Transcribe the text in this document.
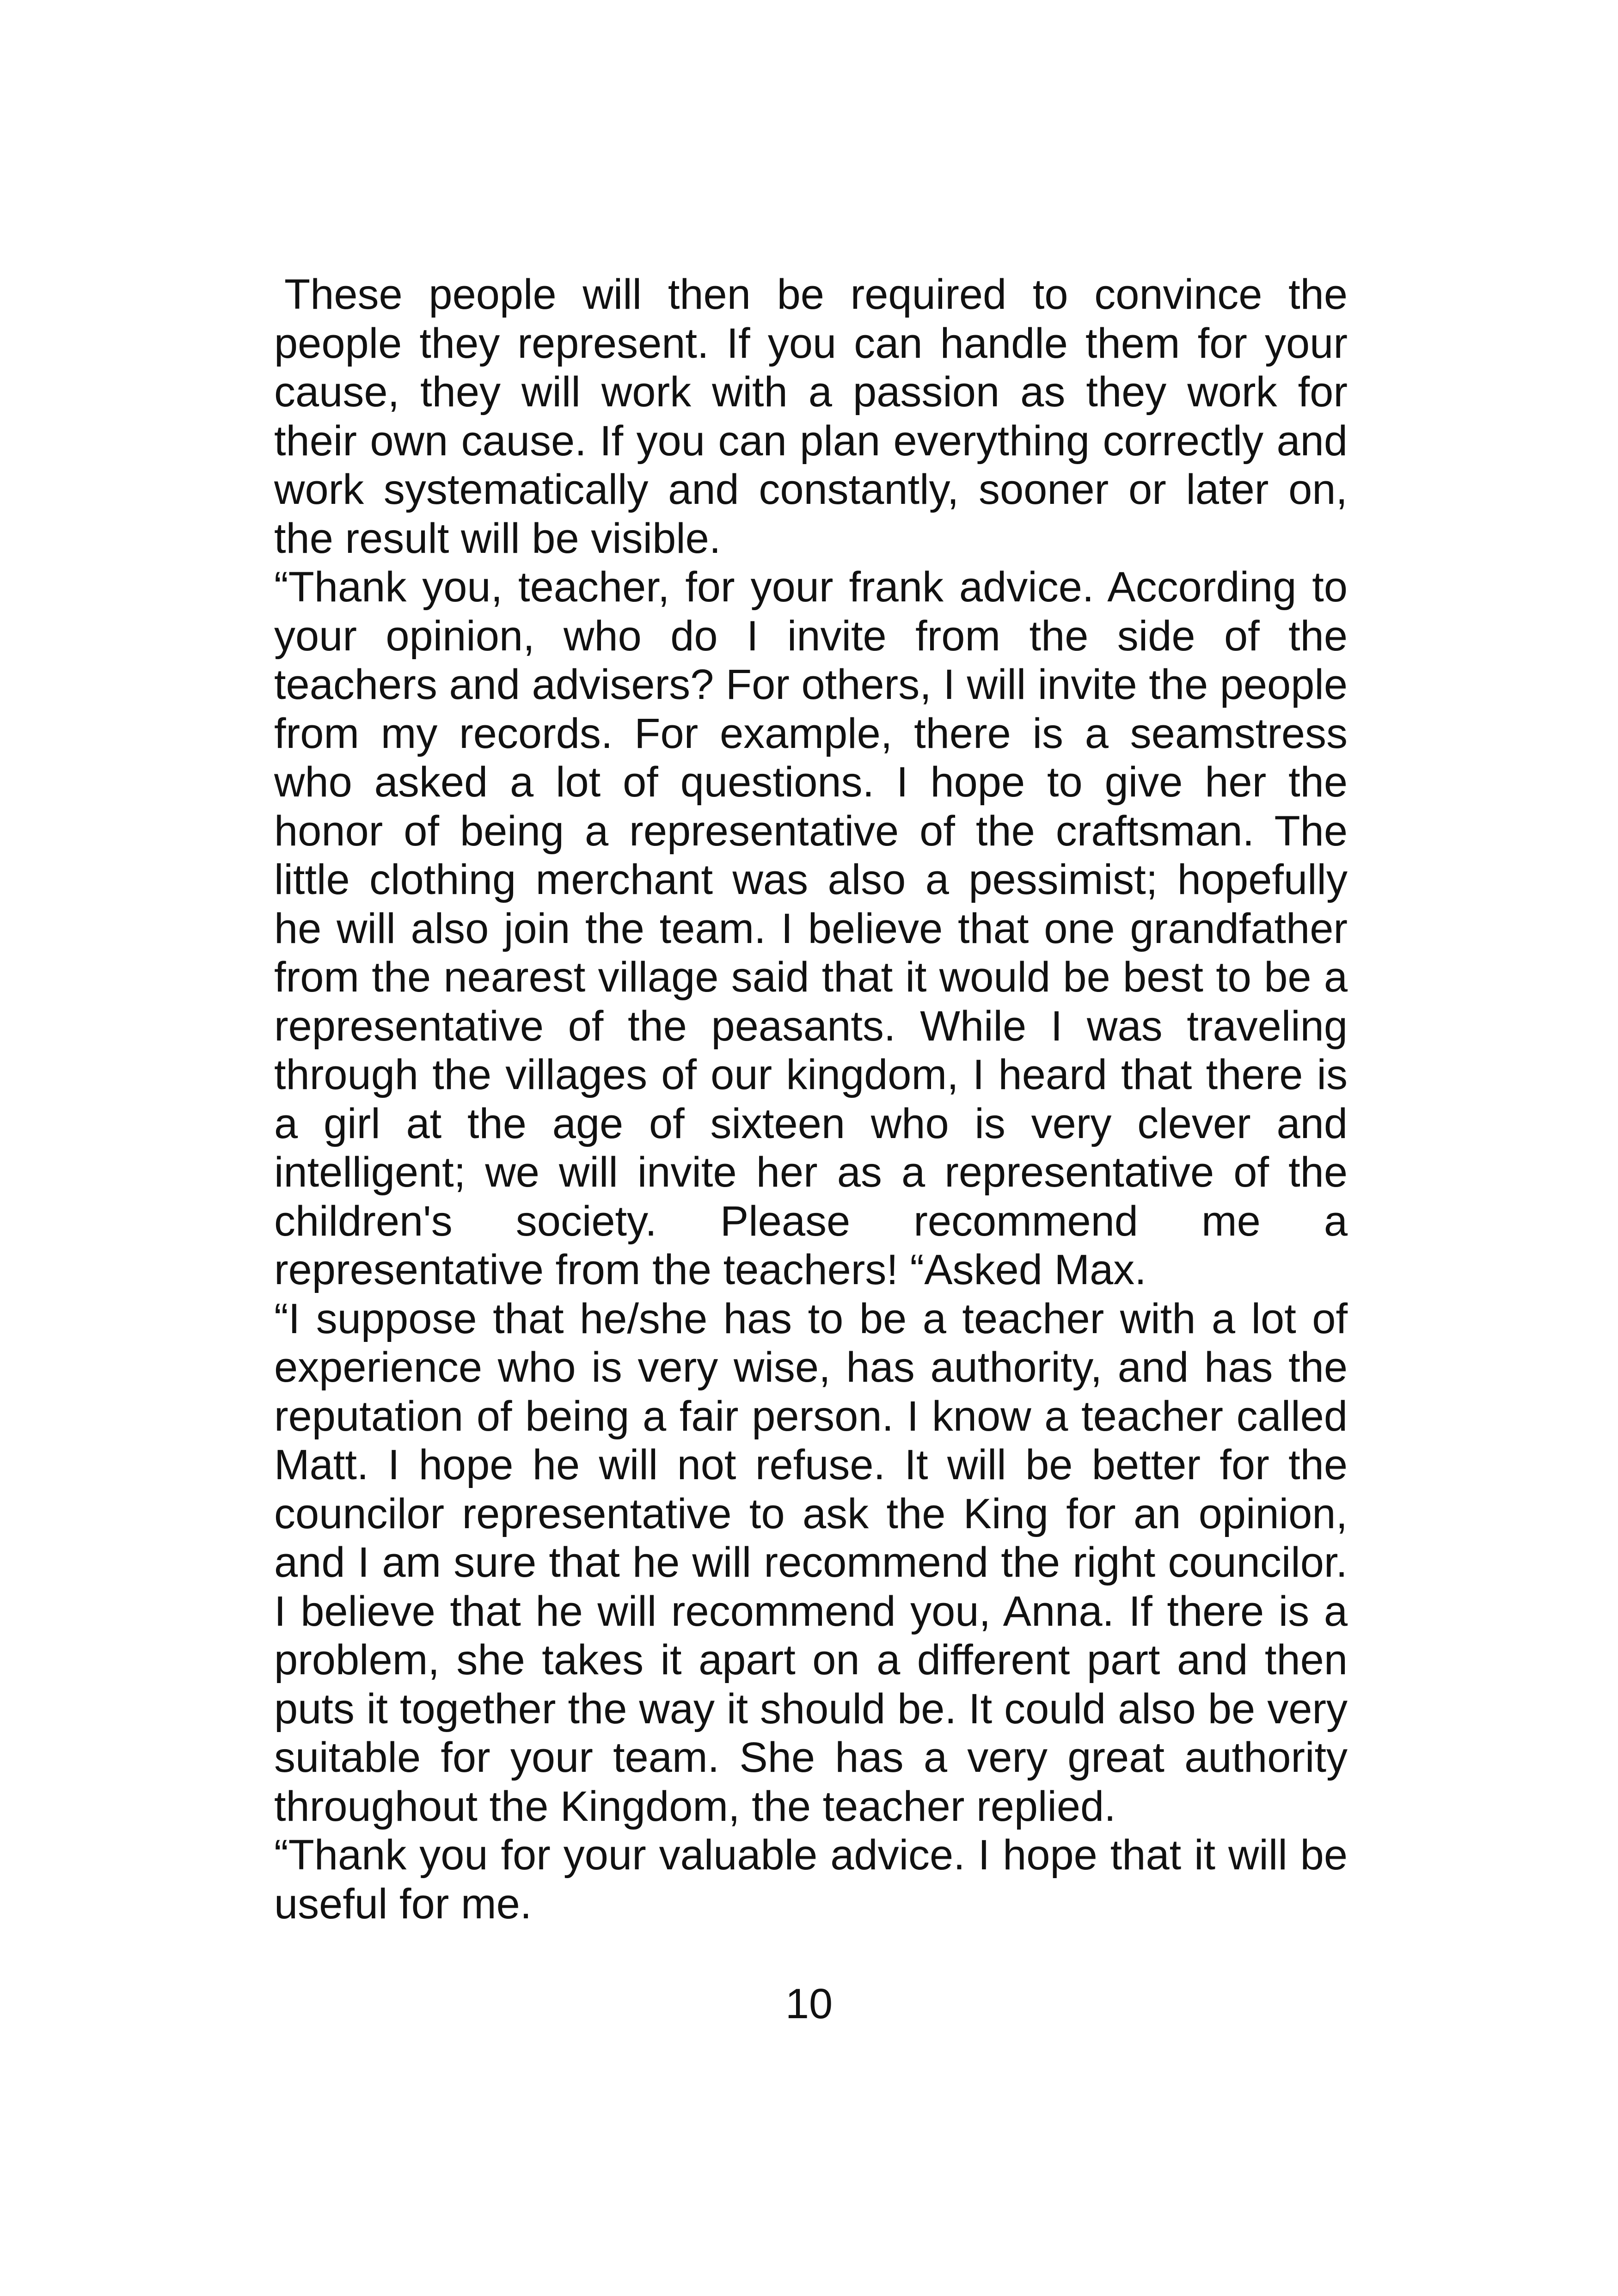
These people will then be required to convince the people they represent. If you can handle them for your cause, they will work with a passion as they work for their own cause. If you can plan everything correctly and work systematically and constantly, sooner or later on, the result will be visible.

“Thank you, teacher, for your frank advice. According to your opinion, who do I invite from the side of the teachers and advisers? For others, I will invite the people from my records. For example, there is a seamstress who asked a lot of questions. I hope to give her the honor of being a representative of the craftsman. The little clothing merchant was also a pessimist; hopefully he will also join the team. I believe that one grandfather from the nearest village said that it would be best to be a representative of the peasants. While I was traveling through the villages of our kingdom, I heard that there is a girl at the age of sixteen who is very clever and intelligent; we will invite her as a representative of the children's society. Please recommend me a representative from the teachers! “Asked Max.

“I suppose that he/she has to be a teacher with a lot of experience who is very wise, has authority, and has the reputation of being a fair person. I know a teacher called Matt. I hope he will not refuse. It will be better for the councilor representative to ask the King for an opinion, and I am sure that he will recommend the right councilor. I believe that he will recommend you, Anna. If there is a problem, she takes it apart on a different part and then puts it together the way it should be. It could also be very suitable for your team. She has a very great authority throughout the Kingdom, the teacher replied.

“Thank you for your valuable advice. I hope that it will be useful for me.

10
